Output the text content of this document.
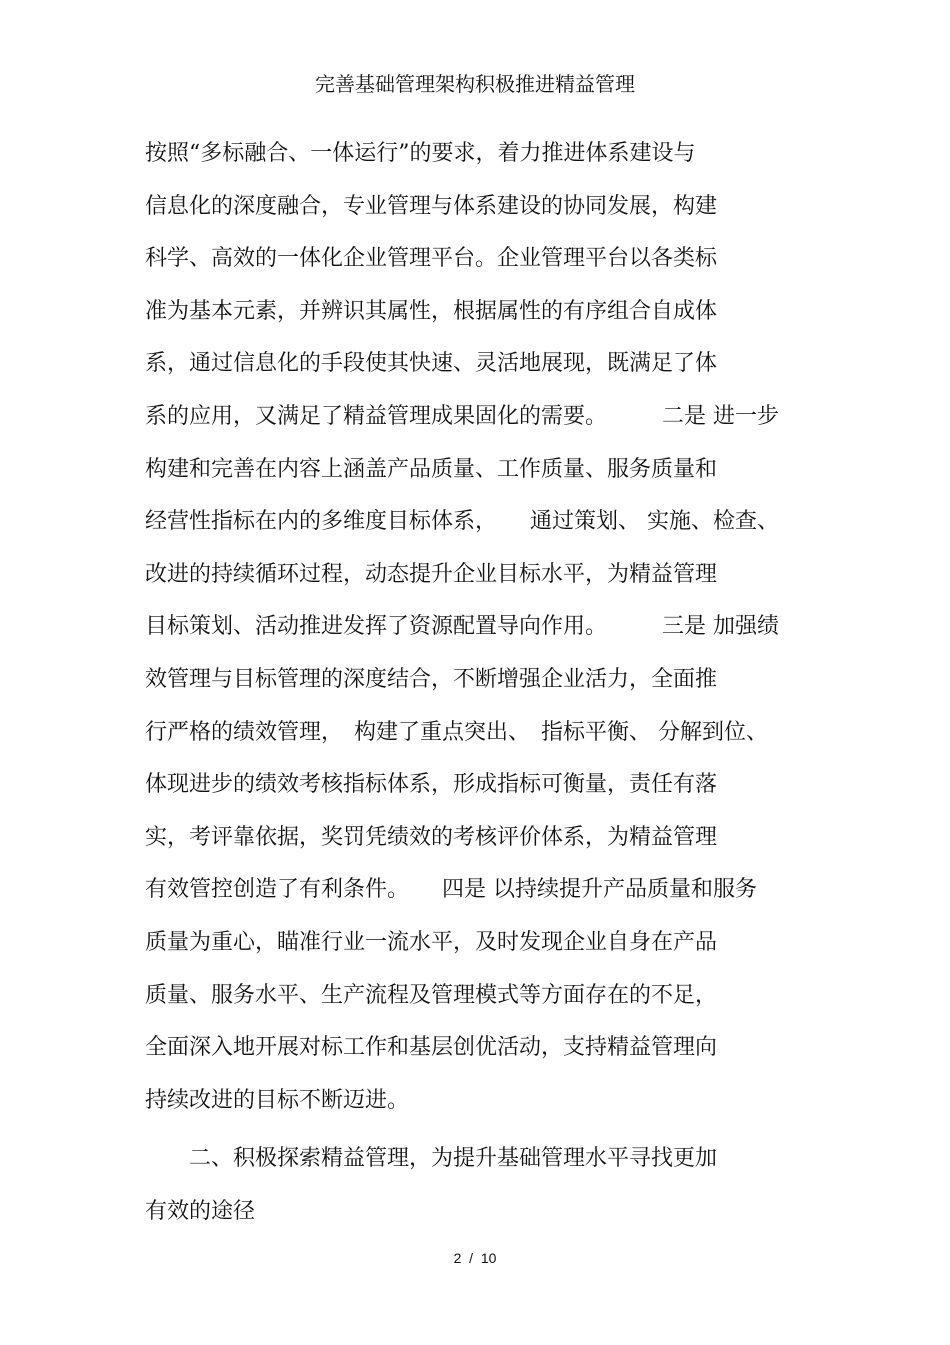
完善基础管理架构积极推进精益管理
按照“多标融合、一体运行”的要求，着力推进体系建设与
信息化的深度融合，专业管理与体系建设的协同发展，构建
科学、高效的一体化企业管理平台。企业管理平台以各类标
准为基本元素，并辨识其属性，根据属性的有序组合自成体
系，通过信息化的手段使其快速、灵活地展现，既满足了体
系的应用，又满足了精益管理成果固化的需要。　　　二是 进一步
构建和完善在内容上涵盖产品质量、工作质量、服务质量和
经营性指标在内的多维度目标体系，　　通过策划、 实施、检查、
改进的持续循环过程，动态提升企业目标水平，为精益管理
目标策划、活动推进发挥了资源配置导向作用。　　　三是 加强绩
效管理与目标管理的深度结合，不断增强企业活力，全面推
行严格的绩效管理，　构建了重点突出、　指标平衡、 分解到位、
体现进步的绩效考核指标体系，形成指标可衡量，责任有落
实，考评靠依据，奖罚凭绩效的考核评价体系，为精益管理
有效管控创造了有利条件。　　四是 以持续提升产品质量和服务
质量为重心，瞄准行业一流水平，及时发现企业自身在产品
质量、服务水平、生产流程及管理模式等方面存在的不足，
全面深入地开展对标工作和基层创优活动，支持精益管理向
持续改进的目标不断迈进。
　　二、积极探索精益管理，为提升基础管理水平寻找更加
有效的途径
2  /  10
